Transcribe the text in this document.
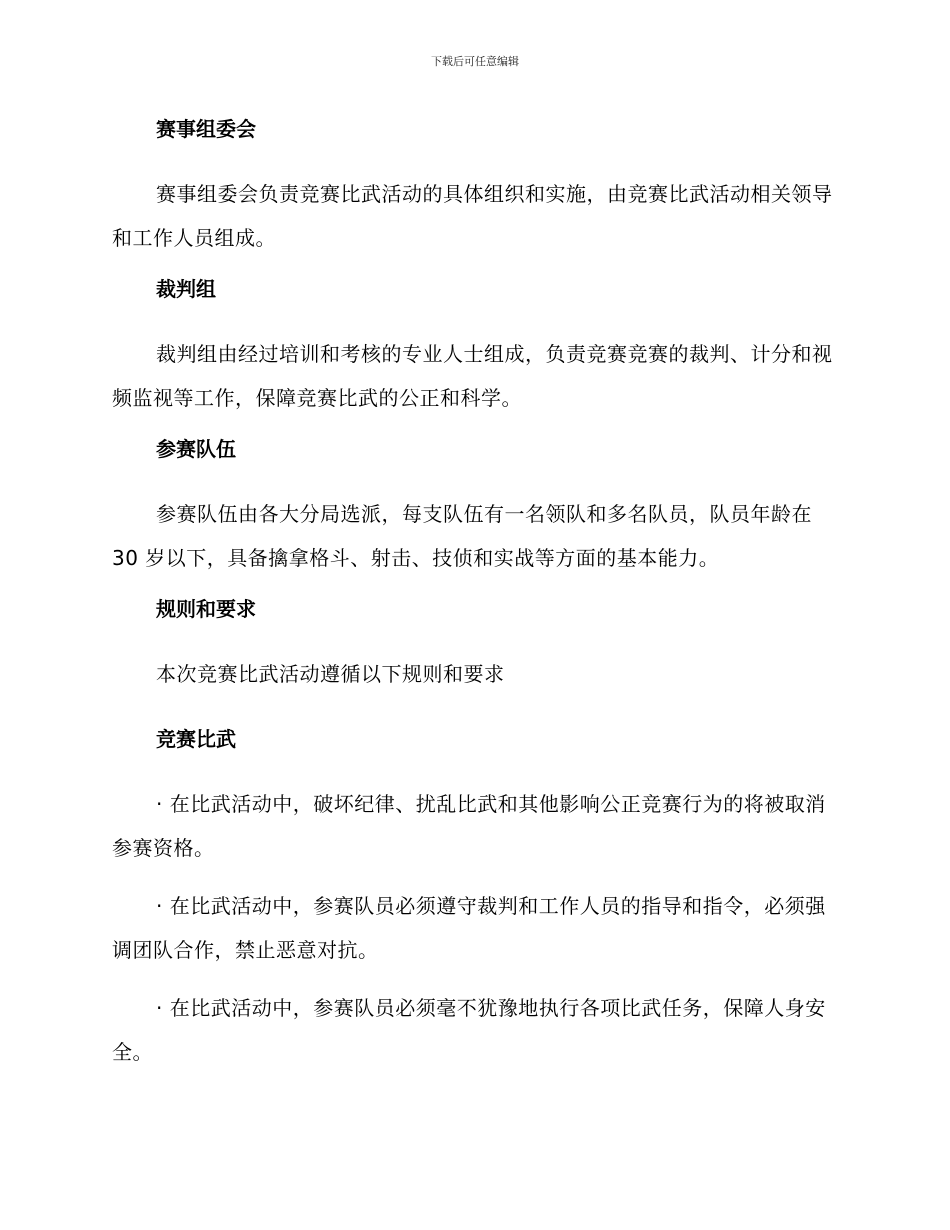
下载后可任意编辑
赛事组委会

赛事组委会负责竞赛比武活动的具体组织和实施，由竞赛比武活动相关领导和工作人员组成。

裁判组

裁判组由经过培训和考核的专业人士组成，负责竞赛竞赛的裁判、计分和视频监视等工作，保障竞赛比武的公正和科学。

参赛队伍

参赛队伍由各大分局选派，每支队伍有一名领队和多名队员，队员年龄在 30 岁以下，具备擒拿格斗、射击、技侦和实战等方面的基本能力。

规则和要求

本次竞赛比武活动遵循以下规则和要求

竞赛比武

· 在比武活动中，破坏纪律、扰乱比武和其他影响公正竞赛行为的将被取消参赛资格。

· 在比武活动中，参赛队员必须遵守裁判和工作人员的指导和指令，必须强调团队合作，禁止恶意对抗。

· 在比武活动中，参赛队员必须毫不犹豫地执行各项比武任务，保障人身安全。
